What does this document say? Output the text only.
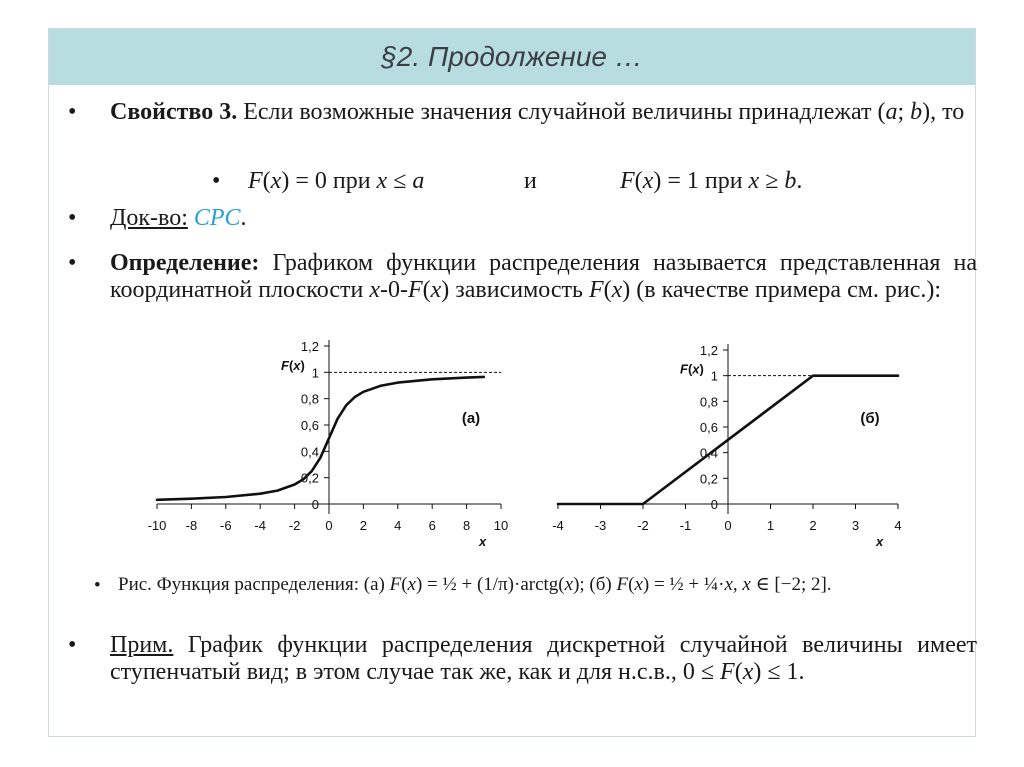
§2. Продолжение …
• Свойство 3. Если возможные значения случайной величины принадлежат (a; b), то
• F(x) = 0 при x ≤ a	и	F(x) = 1 при x ≥ b.
• Док-во: СРС.
• Определение: Графиком функции распределения называется представленная на координатной плоскости x-0-F(x) зависимость F(x) (в качестве примера см. рис.):
-10 -8 -6 -4 -2 0 2 4 6 8 10
0
0,2
0,4
0,6
0,8
1
1,2
F(x)
x
(а)
-4 -3 -2 -1	0	1	2	3	4
0
0,2
0,4
0,6
0,8
1
1,2
F(x)
x
(б)
• Рис. Функция распределения: (а) F(x) = ½ + (1/π)·arctg(x); (б) F(x) = ½ + ¼·x, x ∈ [−2; 2].
• Прим. График функции распределения дискретной случайной величины имеет ступенчатый вид; в этом случае так же, как и для н.с.в., 0 ≤ F(x) ≤ 1.
